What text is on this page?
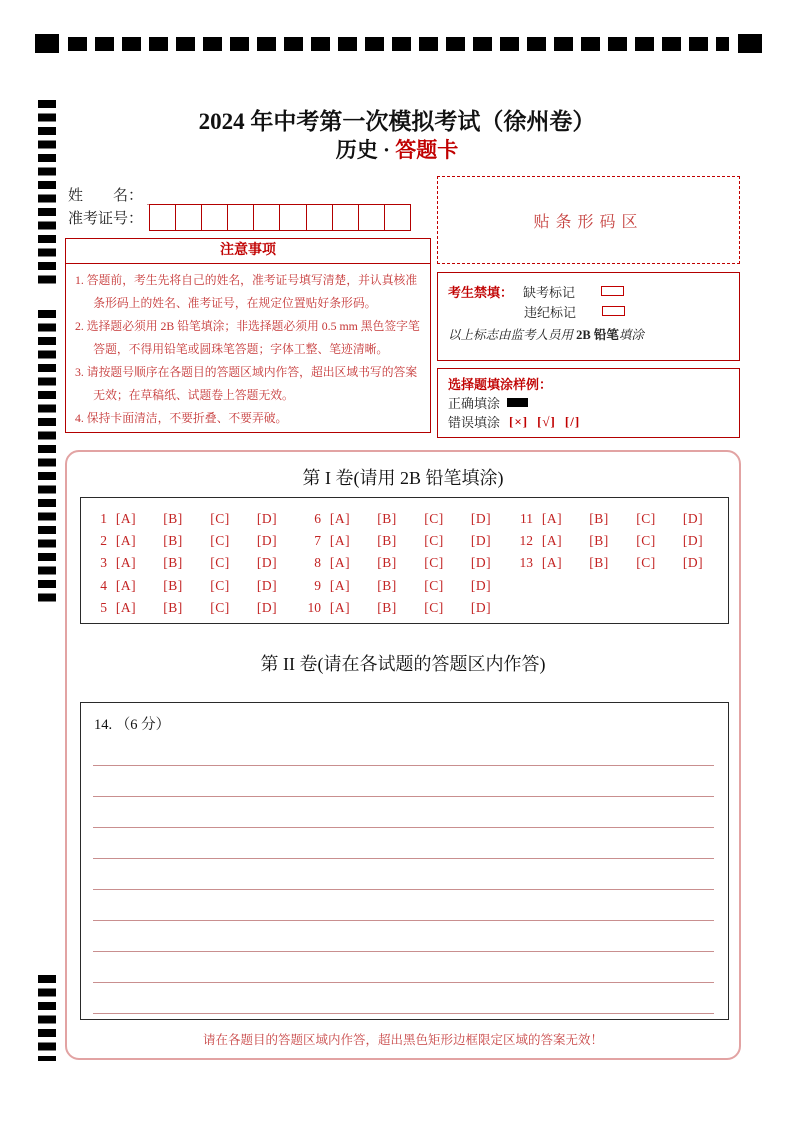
2024 年中考第一次模拟考试（徐州卷）
历史 · 答题卡
姓　　名：
准考证号：
注意事项
1. 答题前，考生先将自己的姓名，准考证号填写清楚，并认真核准条形码上的姓名、准考证号，在规定位置贴好条形码。
2. 选择题必须用 2B 铅笔填涂；非选择题必须用 0.5 mm 黑色签字笔答题，不得用铅笔或圆珠笔答题；字体工整、笔迹清晰。
3. 请按题号顺序在各题目的答题区域内作答，超出区域书写的答案无效；在草稿纸、试题卷上答题无效。
4. 保持卡面清洁，不要折叠、不要弄破。
贴条形码区
考生禁填： 缺考标记
违纪标记
以上标志由监考人员用 2B 铅笔填涂
选择题填涂样例：
正确填涂
错误填涂 [×] [√] [/]
第 I 卷(请用 2B 铅笔填涂)
1 [A] [B] [C] [D]
2 [A] [B] [C] [D]
3 [A] [B] [C] [D]
4 [A] [B] [C] [D]
5 [A] [B] [C] [D]
6 [A] [B] [C] [D]
7 [A] [B] [C] [D]
8 [A] [B] [C] [D]
9 [A] [B] [C] [D]
10 [A] [B] [C] [D]
11 [A] [B] [C] [D]
12 [A] [B] [C] [D]
13 [A] [B] [C] [D]
第 II 卷(请在各试题的答题区内作答)
14. （6 分）
请在各题目的答题区域内作答，超出黑色矩形边框限定区域的答案无效！
